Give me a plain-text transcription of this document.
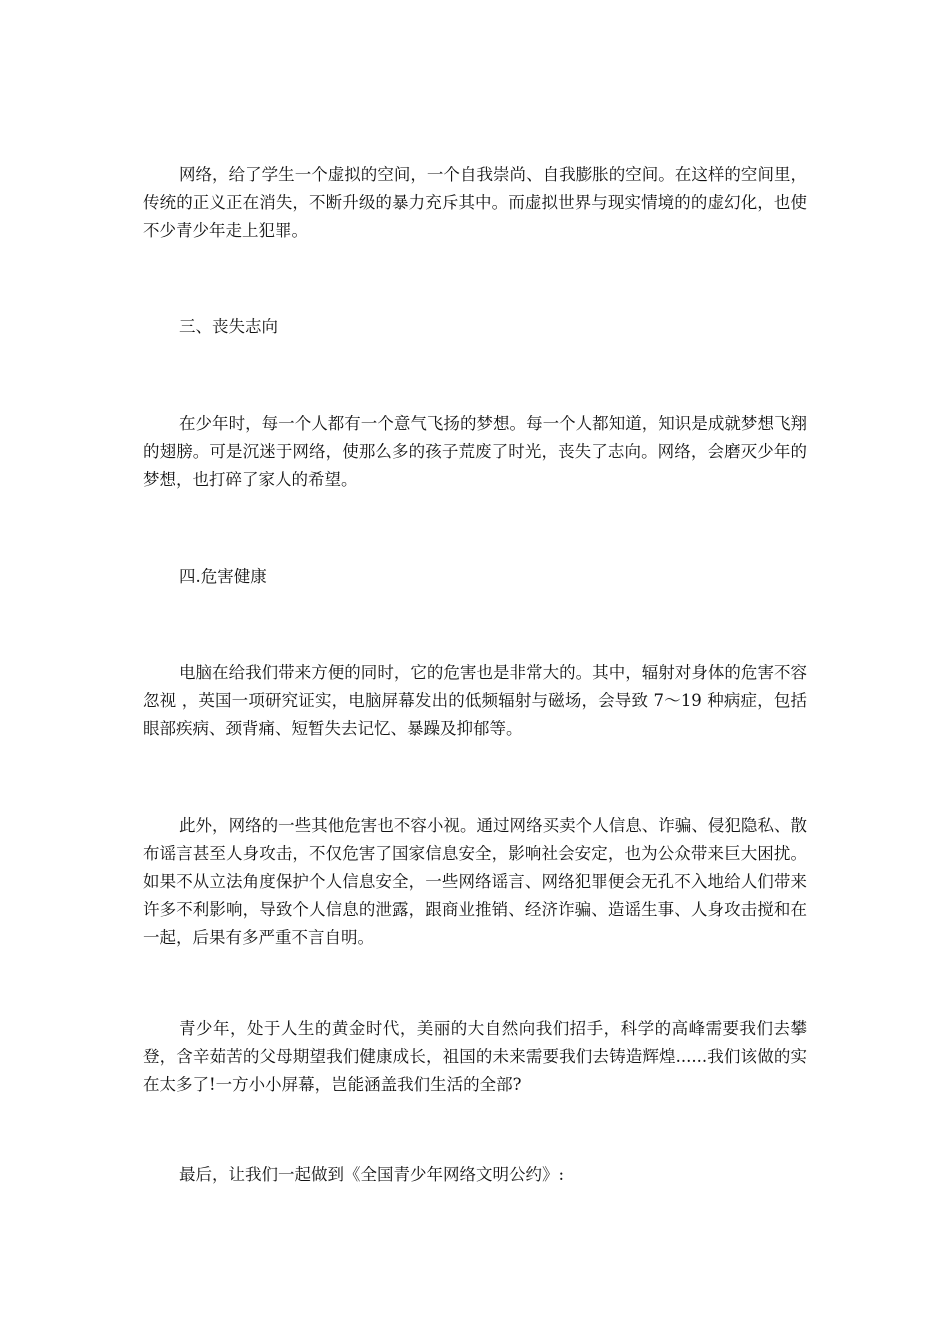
网络，给了学生一个虚拟的空间，一个自我崇尚、自我膨胀的空间。在这样的空间里，传统的正义正在消失，不断升级的暴力充斥其中。而虚拟世界与现实情境的的虚幻化，也使不少青少年走上犯罪。

三、丧失志向

在少年时，每一个人都有一个意气飞扬的梦想。每一个人都知道，知识是成就梦想飞翔的翅膀。可是沉迷于网络，使那么多的孩子荒废了时光，丧失了志向。网络，会磨灭少年的梦想，也打碎了家人的希望。

四.危害健康

电脑在给我们带来方便的同时，它的危害也是非常大的。其中，辐射对身体的危害不容忽视 ，英国一项研究证实，电脑屏幕发出的低频辐射与磁场，会导致 7～19 种病症，包括眼部疾病、颈背痛、短暂失去记忆、暴躁及抑郁等。

此外，网络的一些其他危害也不容小视。通过网络买卖个人信息、诈骗、侵犯隐私、散布谣言甚至人身攻击，不仅危害了国家信息安全，影响社会安定，也为公众带来巨大困扰。如果不从立法角度保护个人信息安全，一些网络谣言、网络犯罪便会无孔不入地给人们带来许多不利影响，导致个人信息的泄露，跟商业推销、经济诈骗、造谣生事、人身攻击搅和在一起，后果有多严重不言自明。

青少年，处于人生的黄金时代，美丽的大自然向我们招手，科学的高峰需要我们去攀登，含辛茹苦的父母期望我们健康成长，祖国的未来需要我们去铸造辉煌......我们该做的实在太多了!一方小小屏幕，岂能涵盖我们生活的全部?

最后，让我们一起做到《全国青少年网络文明公约》:
